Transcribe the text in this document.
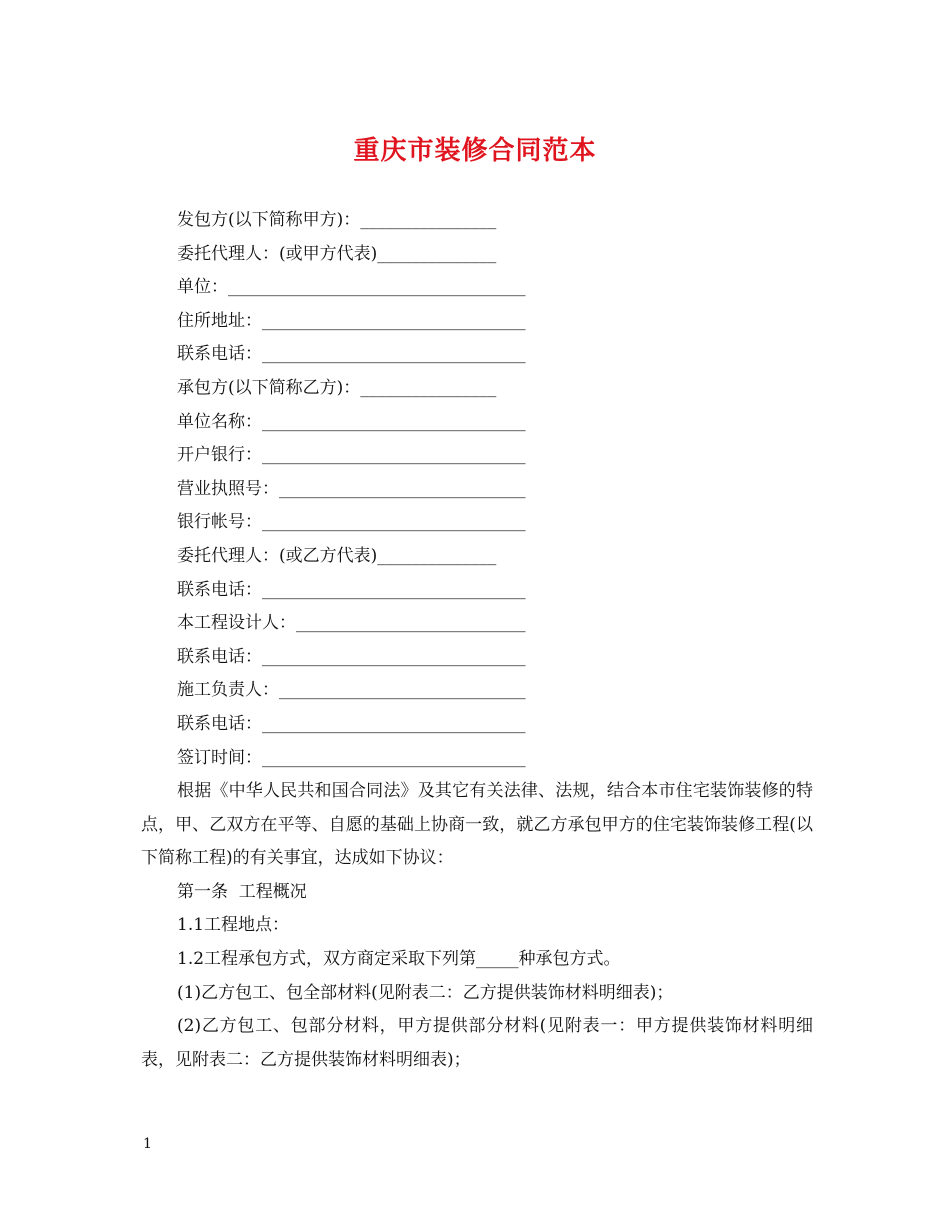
重庆市装修合同范本
发包方(以下简称甲方)：________________
委托代理人：(或甲方代表)______________
单位：___________________________________
住所地址：_______________________________
联系电话：_______________________________
承包方(以下简称乙方)：________________
单位名称：_______________________________
开户银行：_______________________________
营业执照号：_____________________________
银行帐号：_______________________________
委托代理人：(或乙方代表)______________
联系电话：_______________________________
本工程设计人：___________________________
联系电话：_______________________________
施工负责人：_____________________________
联系电话：_______________________________
签订时间：_______________________________

根据《中华人民共和国合同法》及其它有关法律、法规，结合本市住宅装饰装修的特点，甲、乙双方在平等、自愿的基础上协商一致，就乙方承包甲方的住宅装饰装修工程(以下简称工程)的有关事宜，达成如下协议：

第一条  工程概况

1.1工程地点：

1.2工程承包方式，双方商定采取下列第_____种承包方式。

(1)乙方包工、包全部材料(见附表二：乙方提供装饰材料明细表)；

(2)乙方包工、包部分材料，甲方提供部分材料(见附表一：甲方提供装饰材料明细表，见附表二：乙方提供装饰材料明细表)；

1
